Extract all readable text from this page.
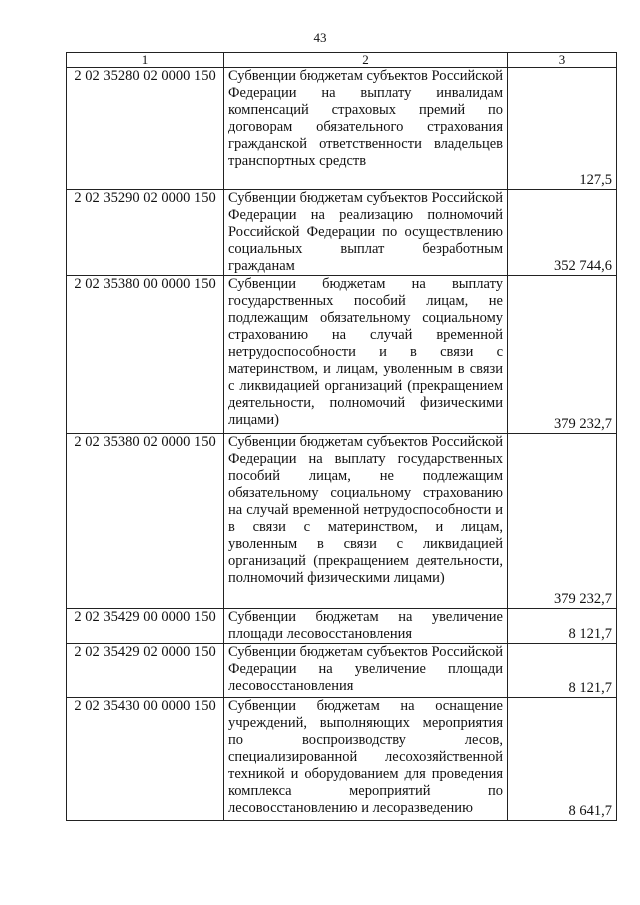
43
1	2	3
2 02 35280 02 0000 150	Субвенции бюджетам субъектов Российской Федерации на выплату инвалидам компенсаций страховых премий по договорам обязательного страхования гражданской ответственности владельцев транспортных средств	127,5
2 02 35290 02 0000 150	Субвенции бюджетам субъектов Российской Федерации на реализацию полномочий Российской Федерации по осуществлению социальных выплат безработным гражданам	352 744,6
2 02 35380 00 0000 150	Субвенции бюджетам на выплату государственных пособий лицам, не подлежащим обязательному социальному страхованию на случай временной нетрудоспособности и в связи с материнством, и лицам, уволенным в связи с ликвидацией организаций (прекращением деятельности, полномочий физическими лицами)	379 232,7
2 02 35380 02 0000 150	Субвенции бюджетам субъектов Российской Федерации на выплату государственных пособий лицам, не подлежащим обязательному социальному страхованию на случай временной нетрудоспособности и в связи с материнством, и лицам, уволенным в связи с ликвидацией организаций (прекращением деятельности, полномочий физическими лицами)	379 232,7
2 02 35429 00 0000 150	Субвенции бюджетам на увеличение площади лесовосстановления	8 121,7
2 02 35429 02 0000 150	Субвенции бюджетам субъектов Российской Федерации на увеличение площади лесовосстановления	8 121,7
2 02 35430 00 0000 150	Субвенции бюджетам на оснащение учреждений, выполняющих мероприятия по воспроизводству лесов, специализированной лесохозяйственной техникой и оборудованием для проведения комплекса мероприятий по лесовосстановлению и лесоразведению	8 641,7
